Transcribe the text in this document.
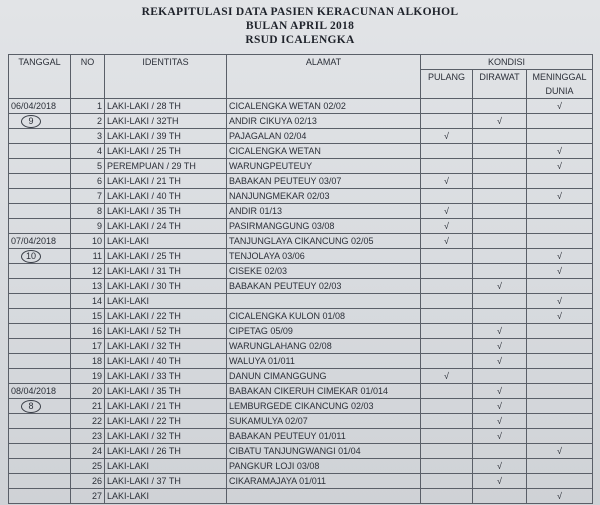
REKAPITULASI DATA PASIEN KERACUNAN ALKOHOL
BULAN APRIL 2018
RSUD ICALENGKA
TANGGAL	NO	IDENTITAS	ALAMAT	KONDISI		
				PULANG	DIRAWAT	MENINGGAL DUNIA
06/04/2018	1	LAKI-LAKI / 28 TH	CICALENGKA WETAN 02/02			√
9	2	LAKI-LAKI / 32TH	ANDIR CIKUYA 02/13		√	
	3	LAKI-LAKI / 39 TH	PAJAGALAN 02/04	√		
	4	LAKI-LAKI / 25 TH	CICALENGKA WETAN			√
	5	PEREMPUAN / 29 TH	WARUNGPEUTEUY			√
	6	LAKI-LAKI / 21 TH	BABAKAN PEUTEUY 03/07	√		
	7	LAKI-LAKI / 40 TH	NANJUNGMEKAR 02/03			√
	8	LAKI-LAKI / 35 TH	ANDIR 01/13	√		
	9	LAKI-LAKI / 24 TH	PASIRMANGGUNG 03/08	√		
07/04/2018	10	LAKI-LAKI	TANJUNGLAYA CIKANCUNG 02/05	√		
10	11	LAKI-LAKI / 25 TH	TENJOLAYA 03/06			√
	12	LAKI-LAKI / 31 TH	CISEKE 02/03			√
	13	LAKI-LAKI / 30 TH	BABAKAN PEUTEUY 02/03		√	
	14	LAKI-LAKI				√
	15	LAKI-LAKI / 22 TH	CICALENGKA KULON 01/08			√
	16	LAKI-LAKI / 52 TH	CIPETAG 05/09		√	
	17	LAKI-LAKI / 32 TH	WARUNGLAHANG 02/08		√	
	18	LAKI-LAKI / 40 TH	WALUYA 01/011		√	
	19	LAKI-LAKI / 33 TH	DANUN CIMANGGUNG	√		
08/04/2018	20	LAKI-LAKI / 35 TH	BABAKAN CIKERUH CIMEKAR 01/014		√	
8	21	LAKI-LAKI / 21 TH	LEMBURGEDE CIKANCUNG 02/03		√	
	22	LAKI-LAKI / 22 TH	SUKAMULYA 02/07		√	
	23	LAKI-LAKI / 32 TH	BABAKAN PEUTEUY 01/011		√	
	24	LAKI-LAKI / 26 TH	CIBATU TANJUNGWANGI 01/04			√
	25	LAKI-LAKI	PANGKUR LOJI 03/08		√	
	26	LAKI-LAKI / 37 TH	CIKARAMAJAYA 01/011		√	
	27	LAKI-LAKI				√
